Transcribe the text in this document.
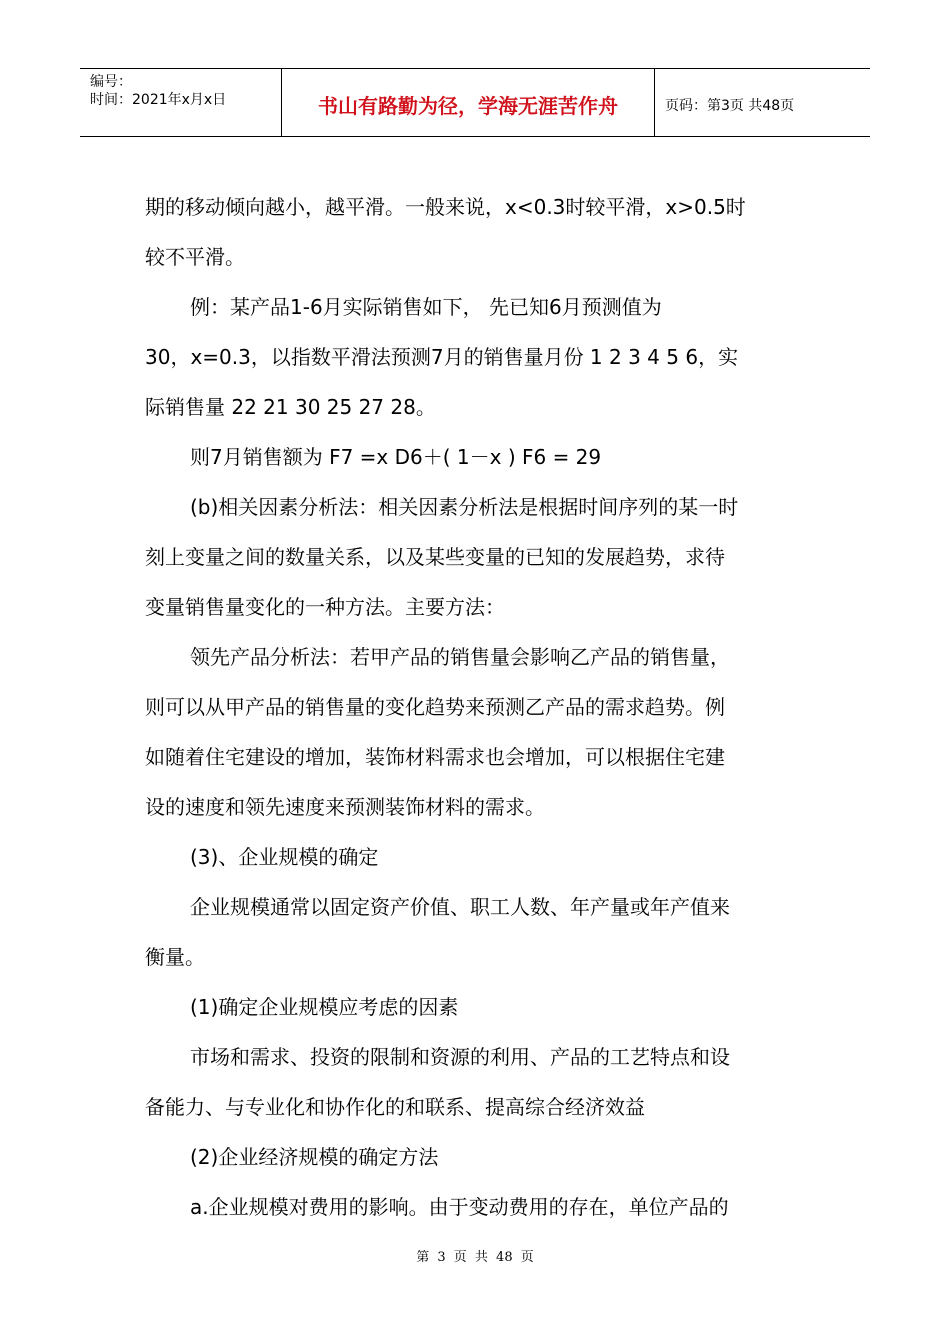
编号：
时间：2021年x月x日	书山有路勤为径，学海无涯苦作舟	页码：第3页 共48页

期的移动倾向越小，越平滑。一般来说，x<0.3时较平滑，x>0.5时

较不平滑。

例：某产品1-6月实际销售如下， 先已知6月预测值为

30，x=0.3，以指数平滑法预测7月的销售量月份 1 2 3 4 5 6，实

际销售量 22 21 30 25 27 28。

则7月销售额为 F7 =x D6＋( 1－x ) F6 = 29

(b)相关因素分析法：相关因素分析法是根据时间序列的某一时

刻上变量之间的数量关系，以及某些变量的已知的发展趋势，求待

变量销售量变化的一种方法。主要方法：

领先产品分析法：若甲产品的销售量会影响乙产品的销售量，

则可以从甲产品的销售量的变化趋势来预测乙产品的需求趋势。例

如随着住宅建设的增加，装饰材料需求也会增加，可以根据住宅建

设的速度和领先速度来预测装饰材料的需求。

(3)、企业规模的确定

企业规模通常以固定资产价值、职工人数、年产量或年产值来

衡量。

(1)确定企业规模应考虑的因素

市场和需求、投资的限制和资源的利用、产品的工艺特点和设

备能力、与专业化和协作化的和联系、提高综合经济效益

(2)企业经济规模的确定方法

a.企业规模对费用的影响。由于变动费用的存在，单位产品的

第 3 页 共 48 页
